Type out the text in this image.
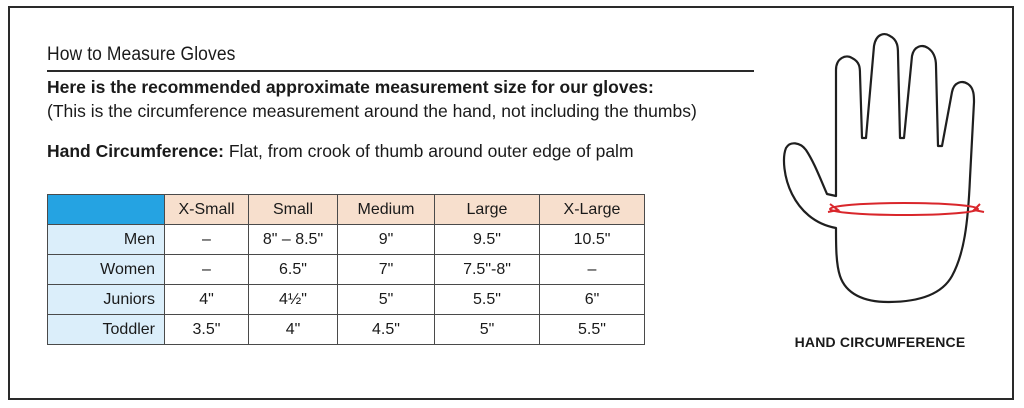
How to Measure Gloves
Here is the recommended approximate measurement size for our gloves:
(This is the circumference measurement around the hand, not including the thumbs)
Hand Circumference: Flat, from crook of thumb around outer edge of palm
	X-Small	Small	Medium	Large	X-Large
Men	–	8" – 8.5"	9"	9.5"	10.5"
Women	–	6.5"	7"	7.5"-8"	–
Juniors	4"	4½"	5"	5.5"	6"
Toddler	3.5"	4"	4.5"	5"	5.5"
HAND CIRCUMFERENCE
